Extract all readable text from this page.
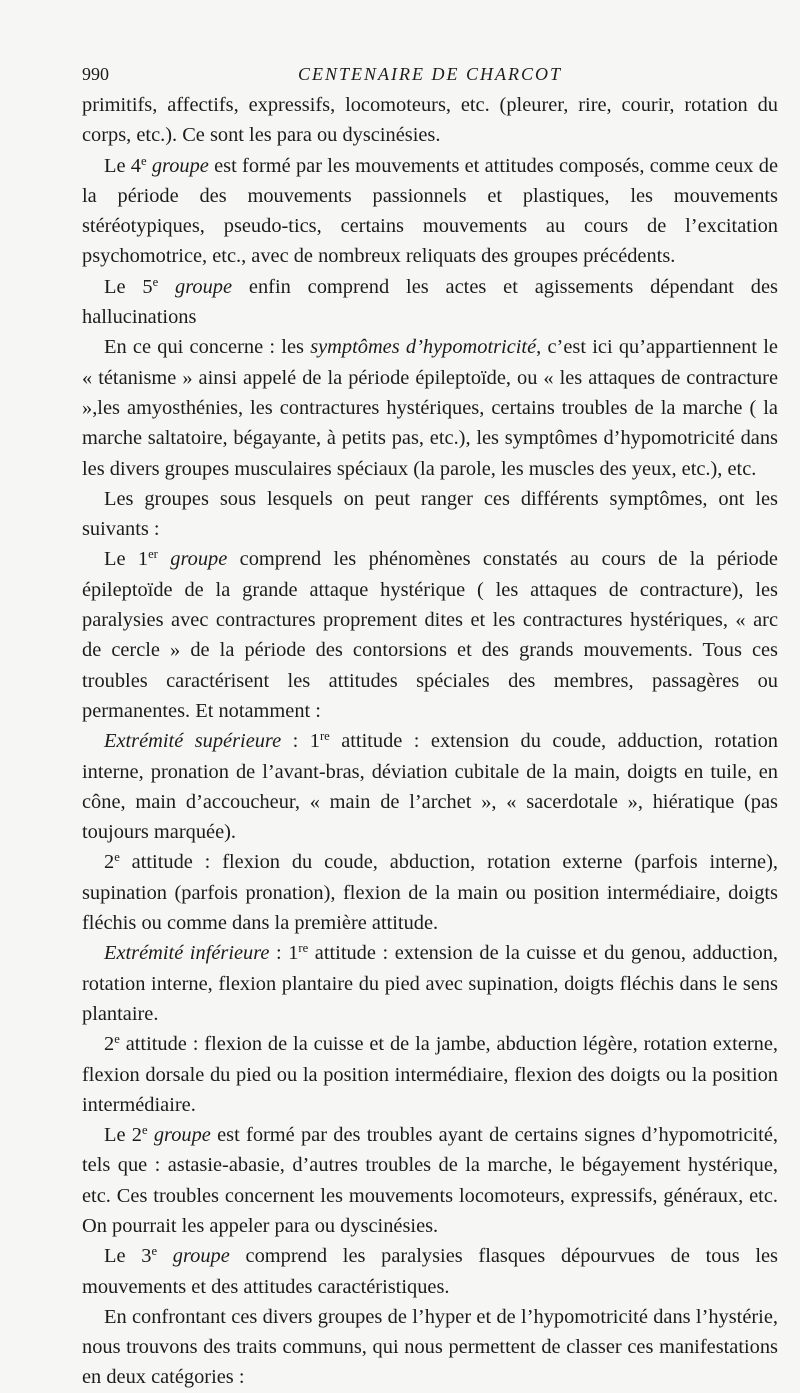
990	CENTENAIRE DE CHARCOT

primitifs, affectifs, expressifs, locomoteurs, etc. (pleurer, rire, courir, rotation du corps, etc.). Ce sont les para ou dyscinésies.

Le 4e groupe est formé par les mouvements et attitudes composés, comme ceux de la période des mouvements passionnels et plastiques, les mouvements stéréotypiques, pseudo-tics, certains mouvements au cours de l’excitation psychomotrice, etc., avec de nombreux reliquats des groupes précédents.

Le 5e groupe enfin comprend les actes et agissements dépendant des hallucinations

En ce qui concerne : les symptômes d’hypomotricité, c’est ici qu’appartiennent le « tétanisme » ainsi appelé de la période épileptoïde, ou « les attaques de contracture »,les amyosthénies, les contractures hystériques, certains troubles de la marche ( la marche saltatoire, bégayante, à petits pas, etc.), les symptômes d’hypomotricité dans les divers groupes musculaires spéciaux (la parole, les muscles des yeux, etc.), etc.

Les groupes sous lesquels on peut ranger ces différents symptômes, ont les suivants :

Le 1er groupe comprend les phénomènes constatés au cours de la période épileptoïde de la grande attaque hystérique ( les attaques de contracture), les paralysies avec contractures proprement dites et les contractures hystériques, « arc de cercle » de la période des contorsions et des grands mouvements. Tous ces troubles caractérisent les attitudes spéciales des membres, passagères ou permanentes. Et notamment :

Extrémité supérieure : 1re attitude : extension du coude, adduction, rotation interne, pronation de l’avant-bras, déviation cubitale de la main, doigts en tuile, en cône, main d’accoucheur, « main de l’archet », « sacerdotale », hiératique (pas toujours marquée).

2e attitude : flexion du coude, abduction, rotation externe (parfois interne), supination (parfois pronation), flexion de la main ou position intermédiaire, doigts fléchis ou comme dans la première attitude.

Extrémité inférieure : 1re attitude : extension de la cuisse et du genou, adduction, rotation interne, flexion plantaire du pied avec supination, doigts fléchis dans le sens plantaire.

2e attitude : flexion de la cuisse et de la jambe, abduction légère, rotation externe, flexion dorsale du pied ou la position intermédiaire, flexion des doigts ou la position intermédiaire.

Le 2e groupe est formé par des troubles ayant de certains signes d’hypomotricité, tels que : astasie-abasie, d’autres troubles de la marche, le bégayement hystérique, etc. Ces troubles concernent les mouvements locomoteurs, expressifs, généraux, etc. On pourrait les appeler para ou dyscinésies.

Le 3e groupe comprend les paralysies flasques dépourvues de tous les mouvements et des attitudes caractéristiques.

En confrontant ces divers groupes de l’hyper et de l’hypomotricité dans l’hystérie, nous trouvons des traits communs, qui nous permettent de classer ces manifestations en deux catégories :
